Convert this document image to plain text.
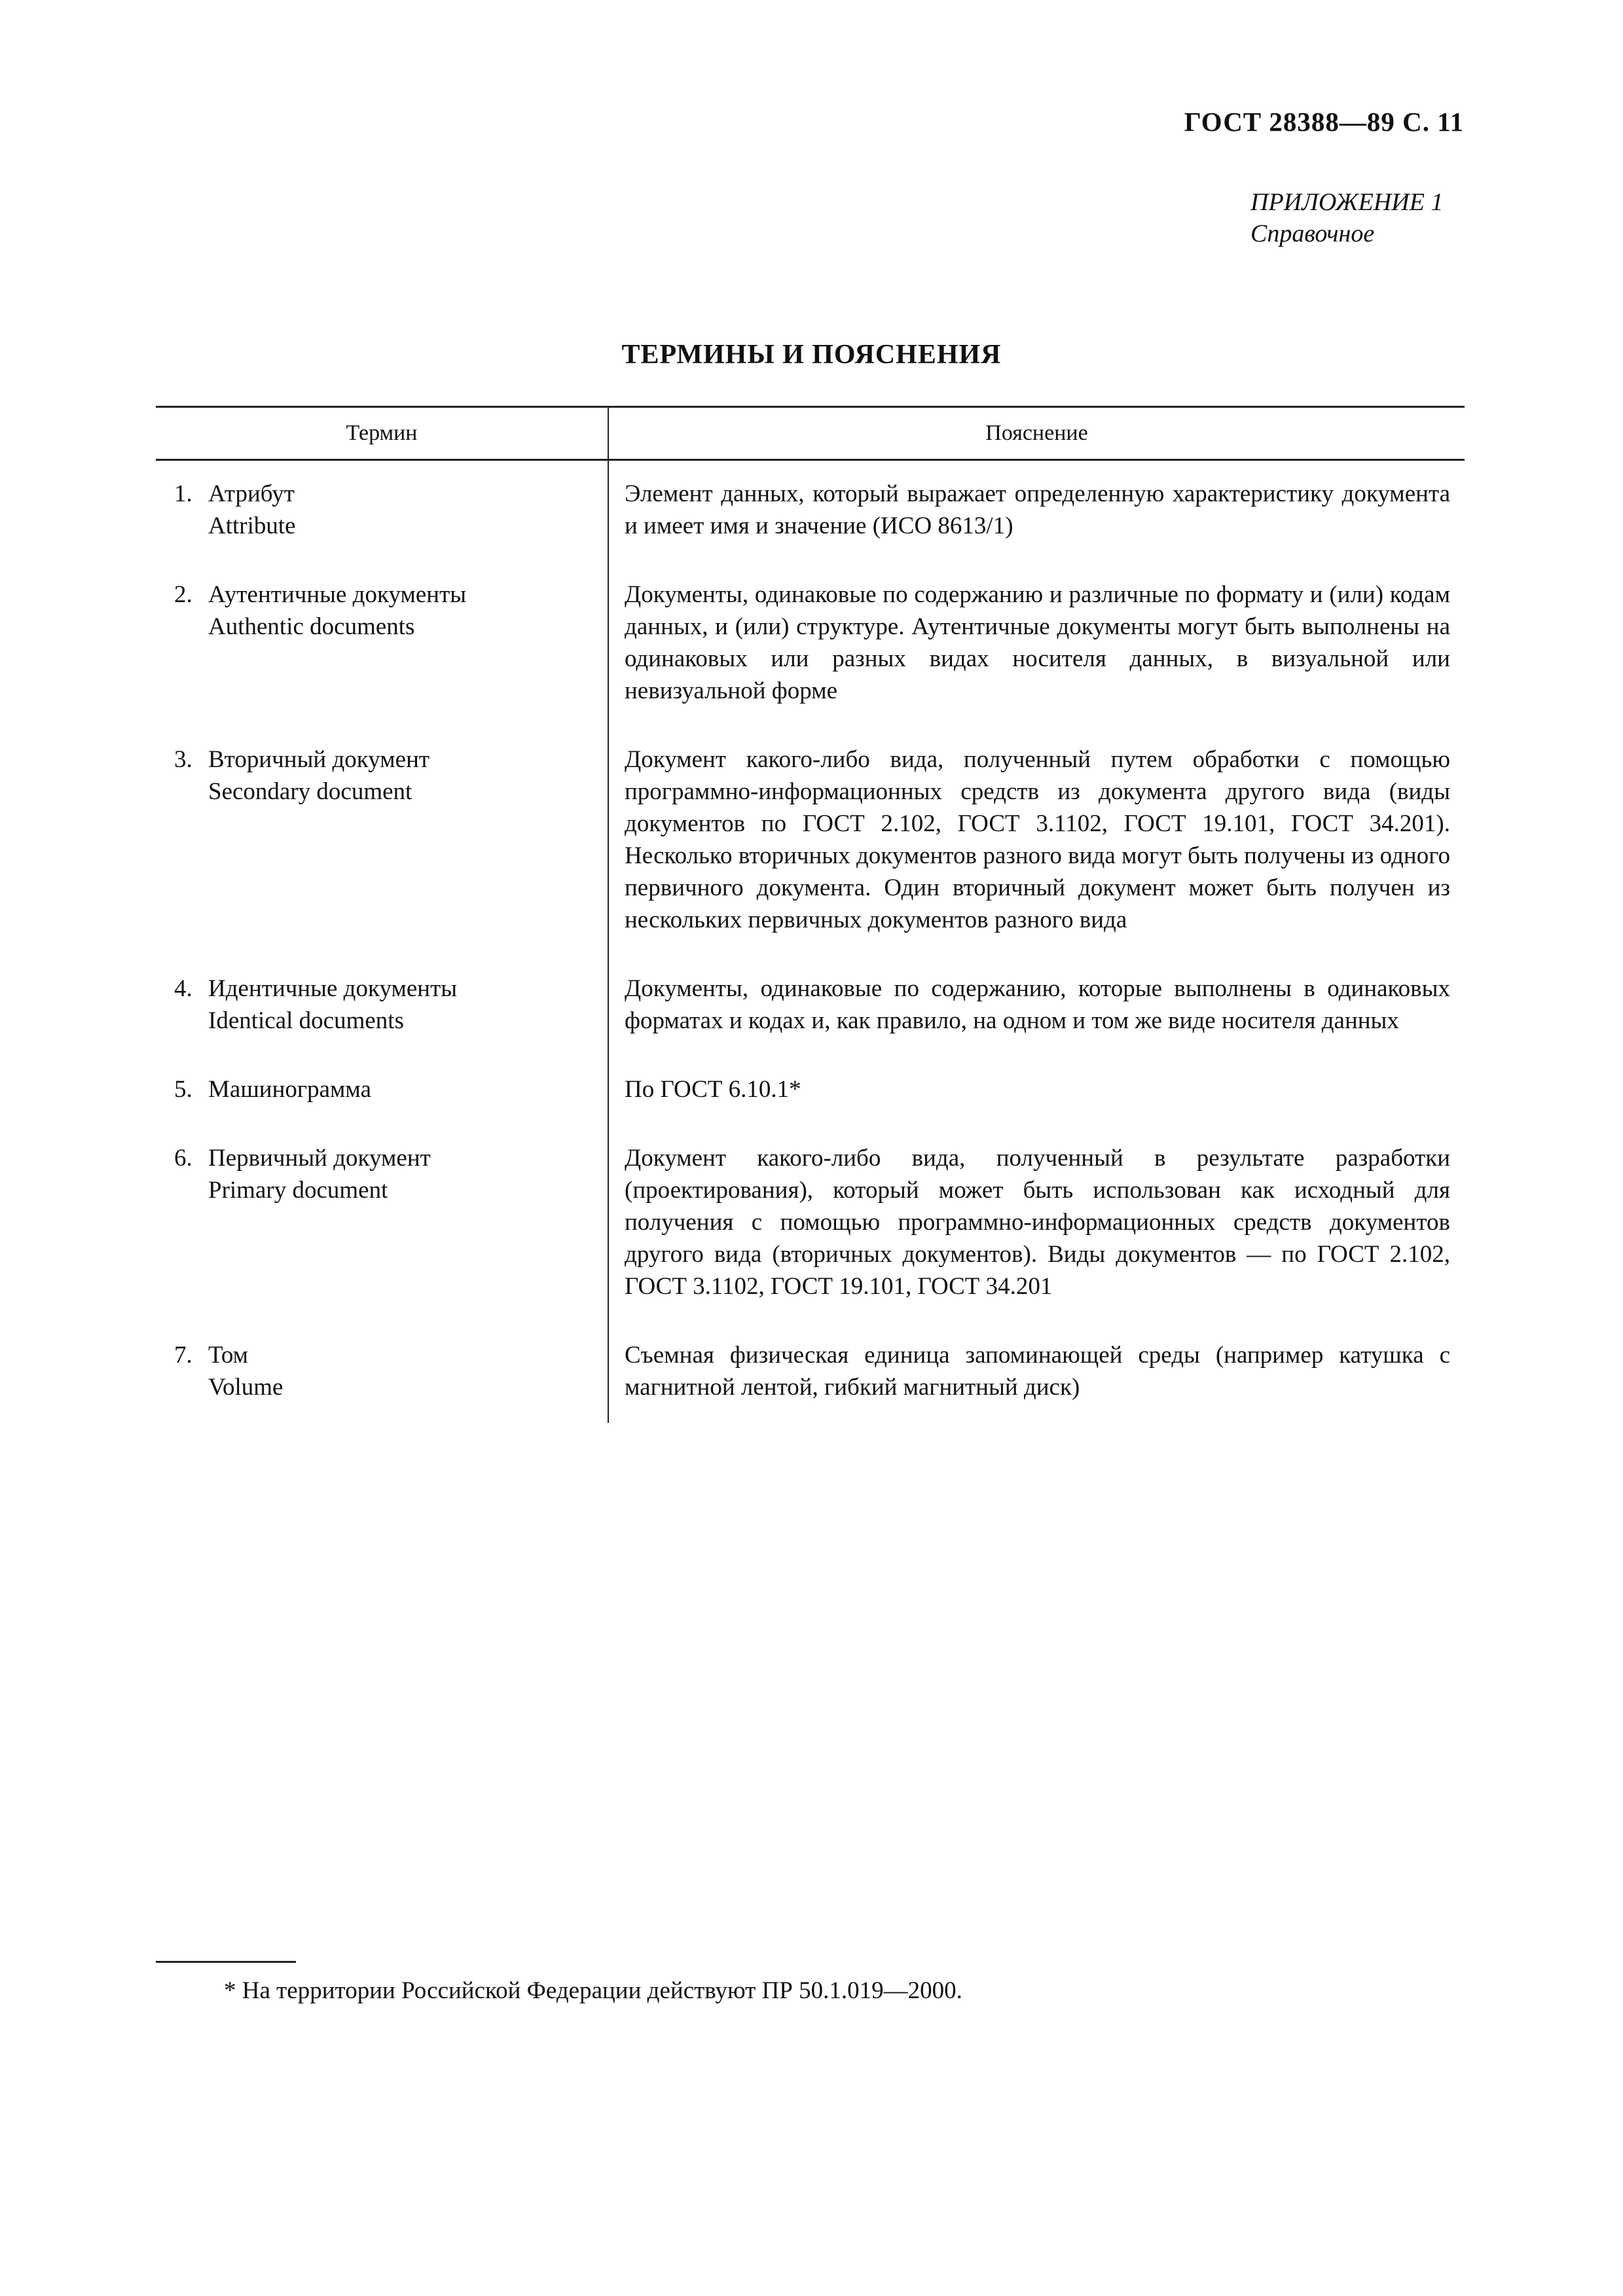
ГОСТ 28388—89 С. 11
ПРИЛОЖЕНИЕ 1
Справочное
ТЕРМИНЫ И ПОЯСНЕНИЯ
Термин	Пояснение
1. Атрибут
Attribute
Элемент данных, который выражает определенную характеристику документа и имеет имя и значение (ИСО 8613/1)
2. Аутентичные документы
Authentic documents
Документы, одинаковые по содержанию и различные по формату и (или) кодам данных, и (или) структуре. Аутентичные документы могут быть выполнены на одинаковых или разных видах носителя данных, в визуальной или невизуальной форме
3. Вторичный документ
Secondary document
Документ какого-либо вида, полученный путем обработки с помощью программно-информационных средств из документа другого вида (виды документов по ГОСТ 2.102, ГОСТ 3.1102, ГОСТ 19.101, ГОСТ 34.201). Несколько вторичных документов разного вида могут быть получены из одного первичного документа. Один вторичный документ может быть получен из нескольких первичных документов разного вида
4. Идентичные документы
Identical documents
Документы, одинаковые по содержанию, которые выполнены в одинаковых форматах и кодах и, как правило, на одном и том же виде носителя данных
5. Машинограмма	По ГОСТ 6.10.1*
6. Первичный документ
Primary document
Документ какого-либо вида, полученный в результате разработки (проектирования), который может быть использован как исходный для получения с помощью программно-информационных средств документов другого вида (вторичных документов). Виды документов — по ГОСТ 2.102, ГОСТ 3.1102, ГОСТ 19.101, ГОСТ 34.201
7. Том
Volume
Съемная физическая единица запоминающей среды (например катушка с магнитной лентой, гибкий магнитный диск)
* На территории Российской Федерации действуют ПР 50.1.019—2000.
